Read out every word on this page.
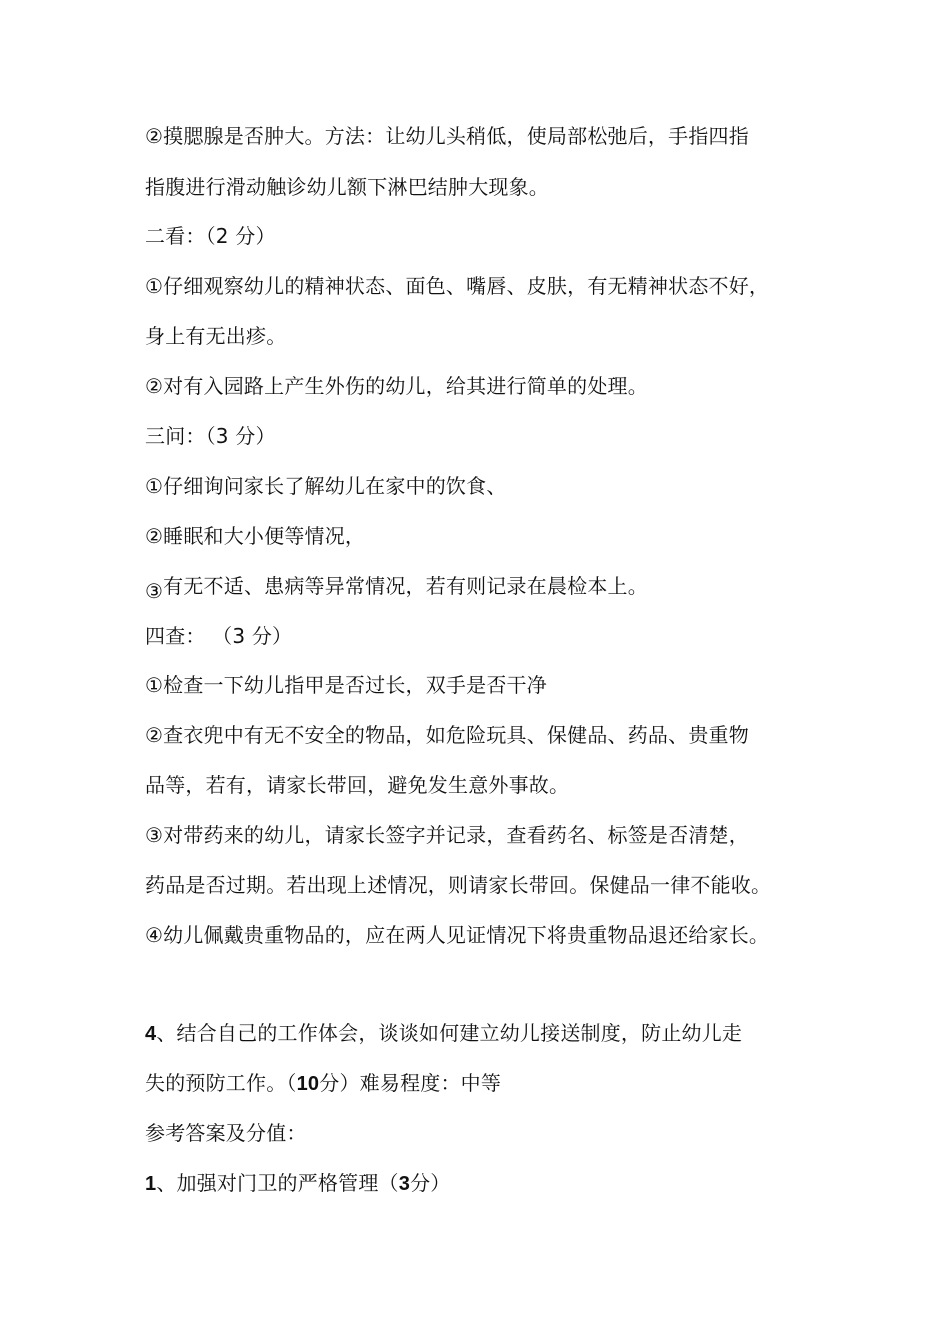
②摸腮腺是否肿大。方法：让幼儿头稍低，使局部松弛后，手指四指
指腹进行滑动触诊幼儿额下淋巴结肿大现象。
二看：（2 分）
①仔细观察幼儿的精神状态、面色、嘴唇、皮肤，有无精神状态不好，
身上有无出疹。
②对有入园路上产生外伤的幼儿，给其进行简单的处理。
三问：（3 分）
①仔细询问家长了解幼儿在家中的饮食、
②睡眠和大小便等情况，
③有无不适、患病等异常情况，若有则记录在晨检本上。
四查： （3 分）
①检查一下幼儿指甲是否过长，双手是否干净
②查衣兜中有无不安全的物品，如危险玩具、保健品、药品、贵重物
品等，若有，请家长带回，避免发生意外事故。
③对带药来的幼儿，请家长签字并记录，查看药名、标签是否清楚，
药品是否过期。若出现上述情况，则请家长带回。保健品一律不能收。
④幼儿佩戴贵重物品的，应在两人见证情况下将贵重物品退还给家长。
4、结合自己的工作体会，谈谈如何建立幼儿接送制度，防止幼儿走
失的预防工作。（10分）难易程度：中等
参考答案及分值：
1、加强对门卫的严格管理（3分）
